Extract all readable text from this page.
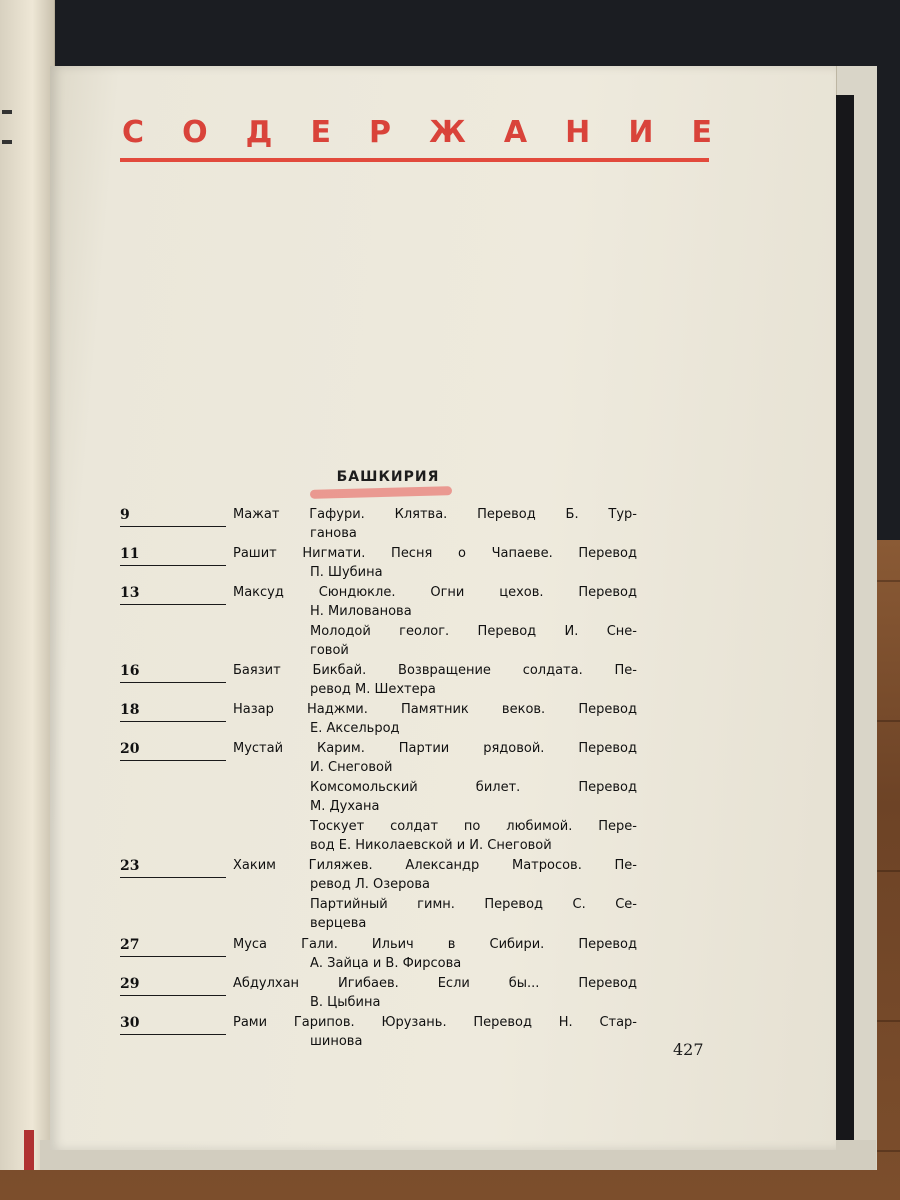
С О Д Е Р Ж А Н И Е
БАШКИРИЯ
9	Мажат Гафури. Клятва. Перевод Б. Тур-
ганова
11	Рашит Нигмати. Песня о Чапаеве. Перевод
П. Шубина
13	Максуд Сюндюкле. Огни цехов. Перевод
Н. Милованова
Молодой геолог. Перевод И. Сне-
говой
16	Баязит Бикбай. Возвращение солдата. Пе-
ревод М. Шехтера
18	Назар Наджми. Памятник веков. Перевод
Е. Аксельрод
20	Мустай Карим. Партии рядовой. Перевод
И. Снеговой
Комсомольский билет. Перевод
М. Духана
Тоскует солдат по любимой. Пере-
вод Е. Николаевской и И. Снеговой
23	Хаким Гиляжев. Александр Матросов. Пе-
ревод Л. Озерова
Партийный гимн. Перевод С. Се-
верцева
27	Муса Гали. Ильич в Сибири. Перевод
А. Зайца и В. Фирсова
29	Абдулхан Игибаев. Если бы... Перевод
В. Цыбина
30	Рами Гарипов. Юрузань. Перевод Н. Стар-
шинова	427
